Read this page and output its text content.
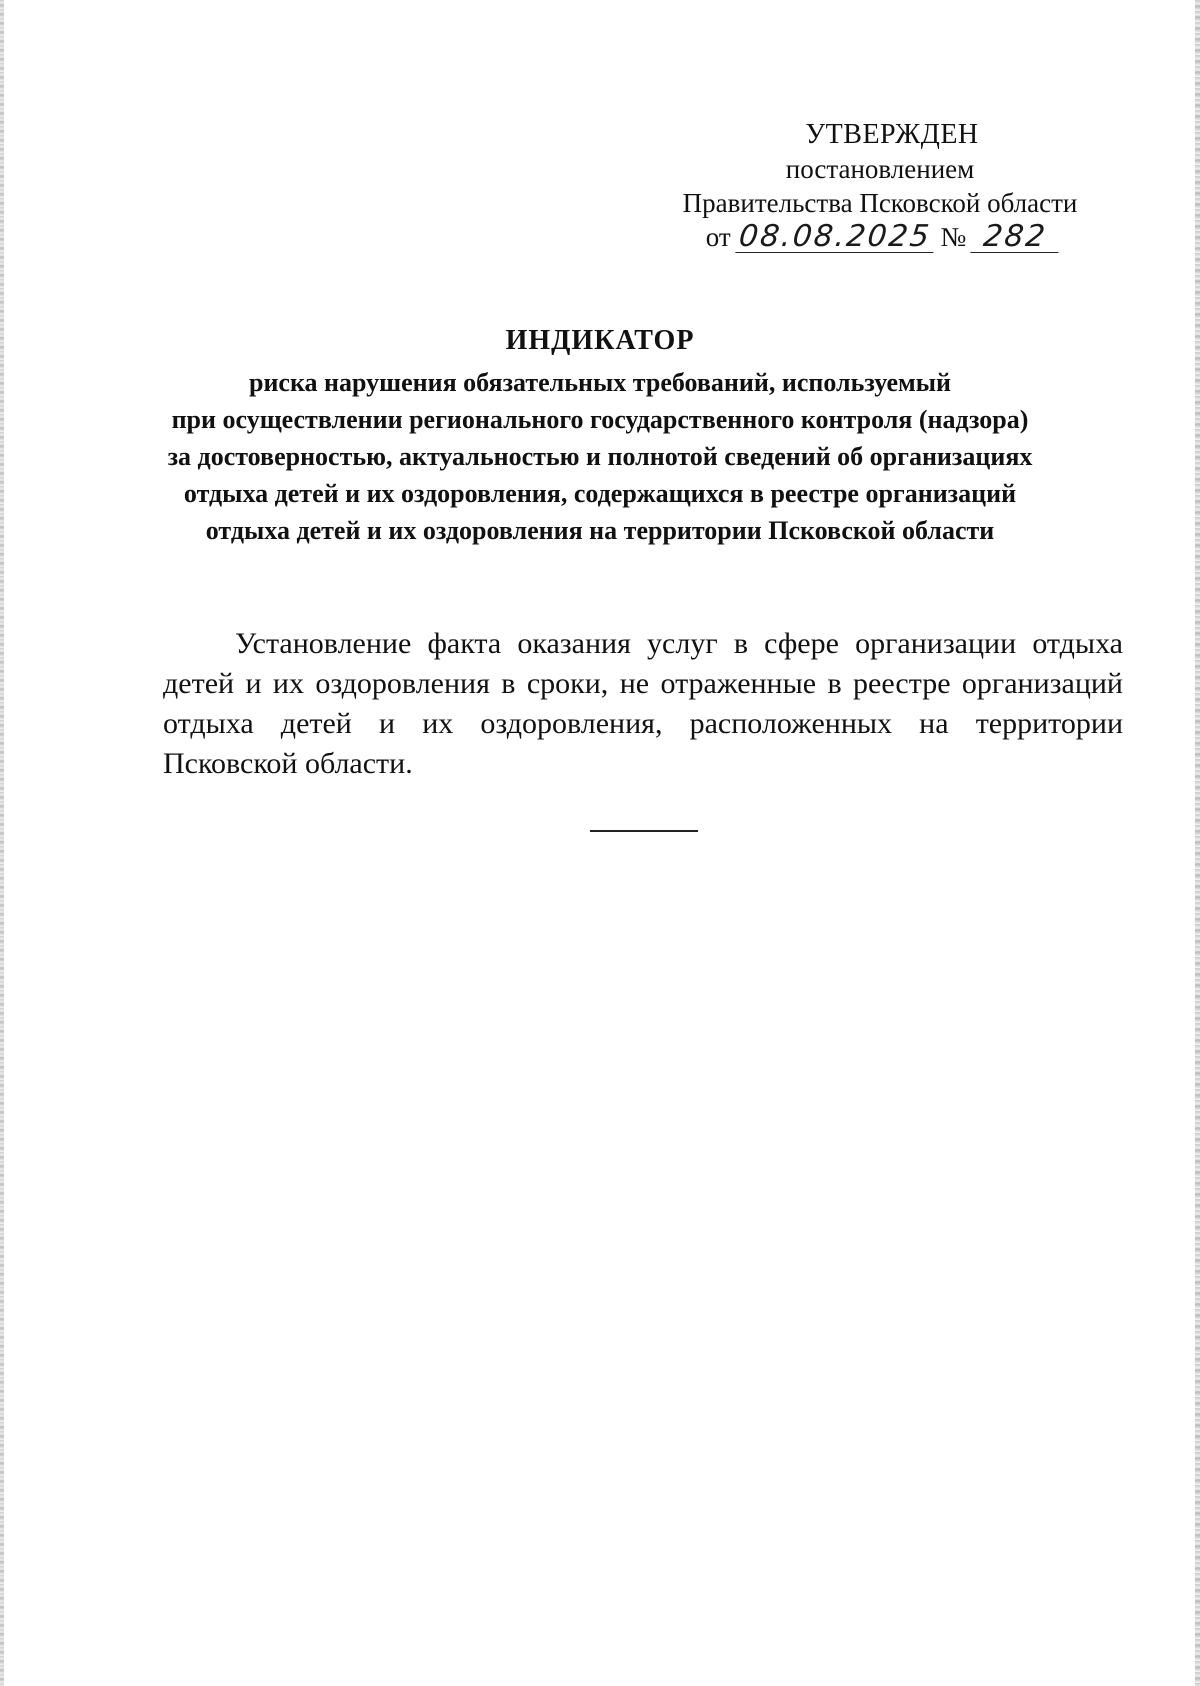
УТВЕРЖДЕН
постановлением
Правительства Псковской области
от 08.08.2025 № 282
ИНДИКАТОР
риска нарушения обязательных требований, используемый
при осуществлении регионального государственного контроля (надзора)
за достоверностью, актуальностью и полнотой сведений об организациях
отдыха детей и их оздоровления, содержащихся в реестре организаций
отдыха детей и их оздоровления на территории Псковской области

Установление факта оказания услуг в сфере организации отдыха детей и их оздоровления в сроки, не отраженные в реестре организаций отдыха детей и их оздоровления, расположенных на территории Псковской области.
